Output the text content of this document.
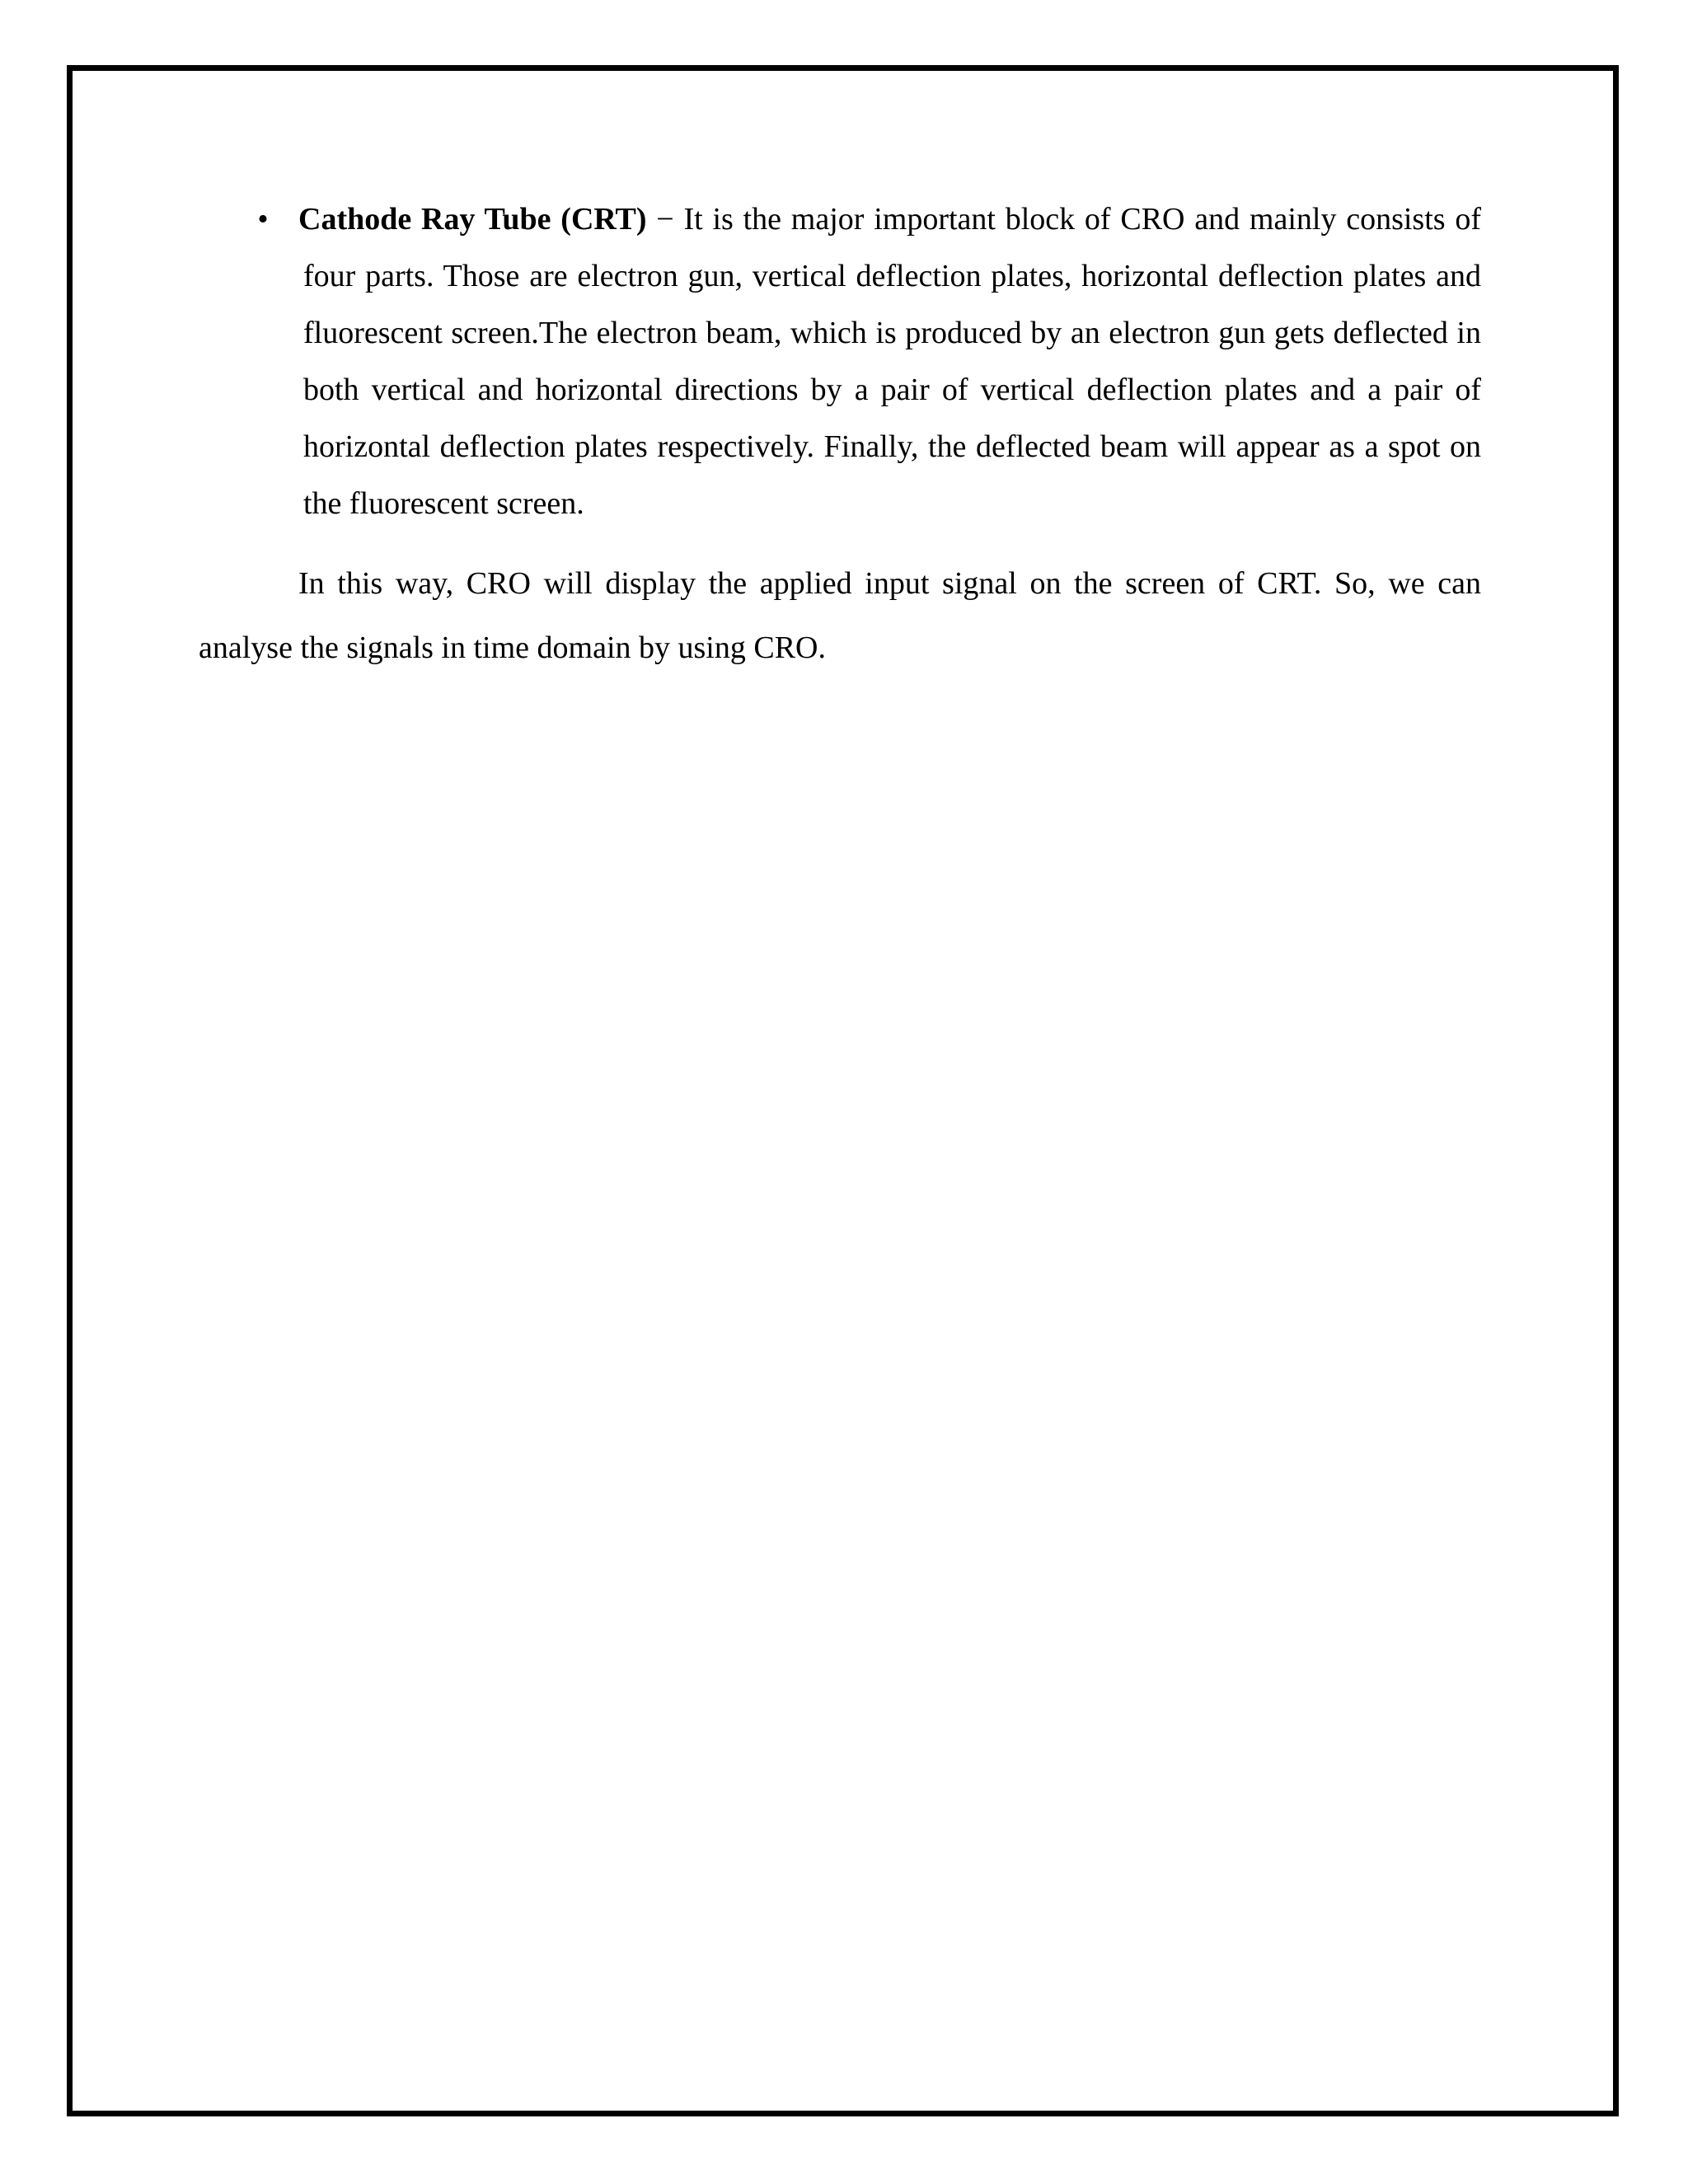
• Cathode Ray Tube (CRT) − It is the major important block of CRO and mainly consists of four parts. Those are electron gun, vertical deflection plates, horizontal deflection plates and fluorescent screen.The electron beam, which is produced by an electron gun gets deflected in both vertical and horizontal directions by a pair of vertical deflection plates and a pair of horizontal deflection plates respectively. Finally, the deflected beam will appear as a spot on the fluorescent screen.

In this way, CRO will display the applied input signal on the screen of CRT. So, we can analyse the signals in time domain by using CRO.
